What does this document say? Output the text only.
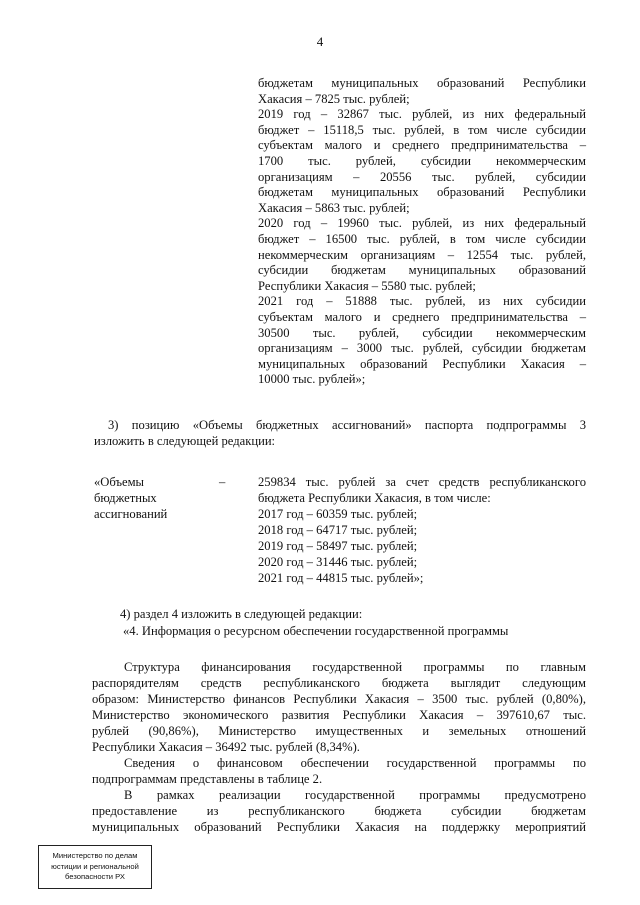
4
бюджетам муниципальных образований Республики
Хакасия – 7825 тыс. рублей;
2019 год – 32867 тыс. рублей, из них федеральный
бюджет – 15118,5 тыс. рублей, в том числе субсидии
субъектам малого и среднего предпринимательства –
1700 тыс. рублей, субсидии некоммерческим
организациям – 20556 тыс. рублей, субсидии
бюджетам муниципальных образований Республики
Хакасия – 5863 тыс. рублей;
2020 год – 19960 тыс. рублей, из них федеральный
бюджет – 16500 тыс. рублей, в том числе субсидии
некоммерческим организациям – 12554 тыс. рублей,
субсидии бюджетам муниципальных образований
Республики Хакасия – 5580 тыс. рублей;
2021 год – 51888 тыс. рублей, из них субсидии
субъектам малого и среднего предпринимательства –
30500 тыс. рублей, субсидии некоммерческим
организациям – 3000 тыс. рублей, субсидии бюджетам
муниципальных образований Республики Хакасия –
10000 тыс. рублей»;
3) позицию «Объемы бюджетных ассигнований» паспорта подпрограммы 3
изложить в следующей редакции:
«Объемы
бюджетных
ассигнований
–	259834 тыс. рублей за счет средств республиканского
бюджета Республики Хакасия, в том числе:
2017 год – 60359 тыс. рублей;
2018 год – 64717 тыс. рублей;
2019 год – 58497 тыс. рублей;
2020 год – 31446 тыс. рублей;
2021 год – 44815 тыс. рублей»;
4) раздел 4 изложить в следующей редакции:
«4. Информация о ресурсном обеспечении государственной программы
Структура финансирования государственной программы по главным
распорядителям средств республиканского бюджета выглядит следующим
образом: Министерство финансов Республики Хакасия – 3500 тыс. рублей (0,80%),
Министерство экономического развития Республики Хакасия – 397610,67 тыс.
рублей (90,86%), Министерство имущественных и земельных отношений
Республики Хакасия – 36492 тыс. рублей (8,34%).
Сведения о финансовом обеспечении государственной программы по
подпрограммам представлены в таблице 2.
В рамках реализации государственной программы предусмотрено
предоставление из республиканского бюджета субсидии бюджетам
муниципальных образований Республики Хакасия на поддержку мероприятий
Министерство по делам
юстиции и региональной
безопасности РХ
